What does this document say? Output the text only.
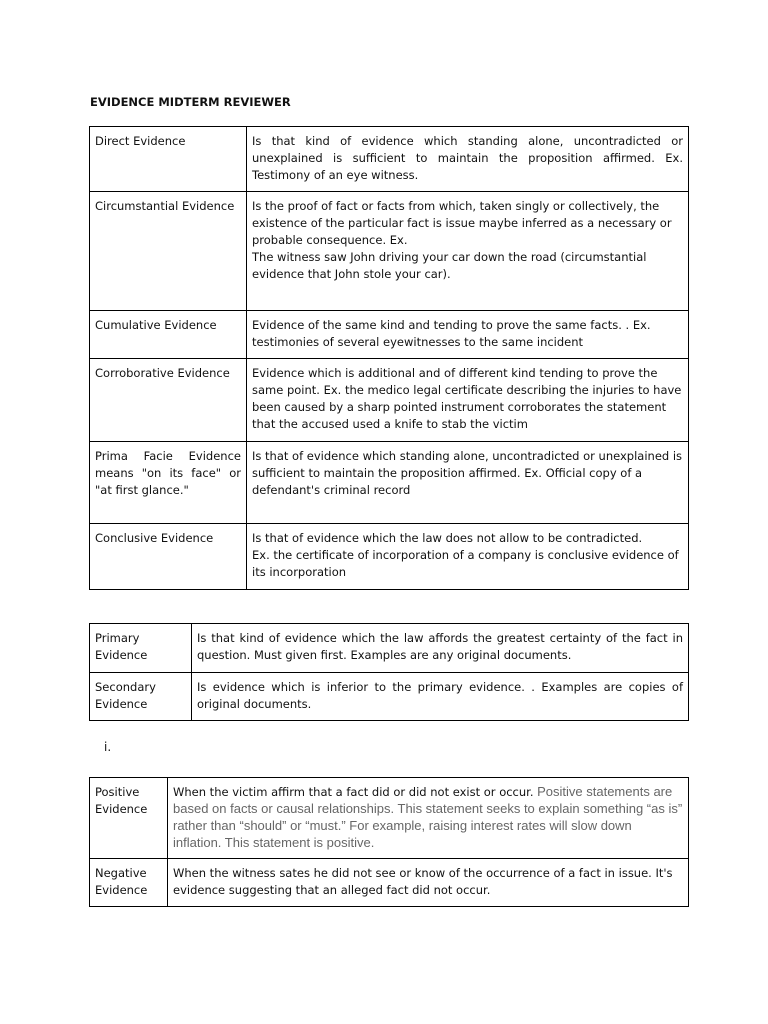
EVIDENCE MIDTERM REVIEWER
Direct Evidence	Is that kind of evidence which standing alone, uncontradicted or unexplained is sufficient to maintain the proposition affirmed. Ex. Testimony of an eye witness.

Circumstantial Evidence	Is the proof of fact or facts from which, taken singly or collectively, the existence of the particular fact is issue maybe inferred as a necessary or probable consequence. Ex.
The witness saw John driving your car down the road (circumstantial evidence that John stole your car).

Cumulative Evidence	Evidence of the same kind and tending to prove the same facts. . Ex. testimonies of several eyewitnesses to the same incident

Corroborative Evidence	Evidence which is additional and of different kind tending to prove the same point. Ex. the medico legal certificate describing the injuries to have been caused by a sharp pointed instrument corroborates the statement that the accused used a knife to stab the victim

Prima Facie Evidence means "on its face" or "at first glance."	Is that of evidence which standing alone, uncontradicted or unexplained is sufficient to maintain the proposition affirmed. Ex. Official copy of a defendant's criminal record

Conclusive Evidence	Is that of evidence which the law does not allow to be contradicted.
Ex. the certificate of incorporation of a company is conclusive evidence of its incorporation
Primary Evidence	Is that kind of evidence which the law affords the greatest certainty of the fact in question. Must given first. Examples are any original documents.
Secondary Evidence	Is evidence which is inferior to the primary evidence. . Examples are copies of original documents.
i.
Positive Evidence	When the victim affirm that a fact did or did not exist or occur. Positive statements are based on facts or causal relationships. This statement seeks to explain something “as is” rather than “should” or “must.” For example, raising interest rates will slow down inflation. This statement is positive.
Negative Evidence	When the witness sates he did not see or know of the occurrence of a fact in issue. It's evidence suggesting that an alleged fact did not occur.
